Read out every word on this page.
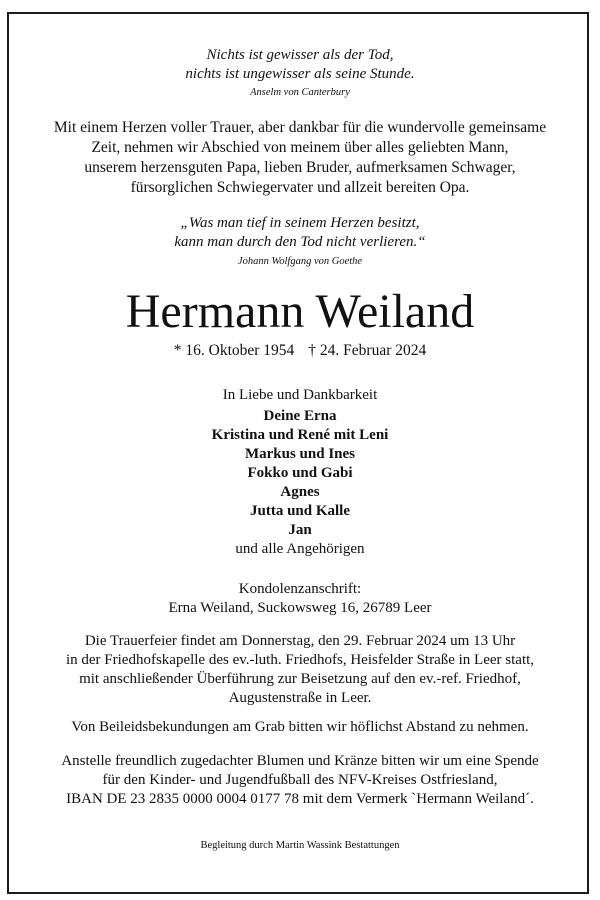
Nichts ist gewisser als der Tod,
nichts ist ungewisser als seine Stunde.
Anselm von Canterbury
Mit einem Herzen voller Trauer, aber dankbar für die wundervolle gemeinsame
Zeit, nehmen wir Abschied von meinem über alles geliebten Mann,
unserem herzensguten Papa, lieben Bruder, aufmerksamen Schwager,
fürsorglichen Schwiegervater und allzeit bereiten Opa.
„Was man tief in seinem Herzen besitzt,
kann man durch den Tod nicht verlieren.“
Johann Wolfgang von Goethe
Hermann Weiland
* 16. Oktober 1954 † 24. Februar 2024
In Liebe und Dankbarkeit
Deine Erna
Kristina und René mit Leni
Markus und Ines
Fokko und Gabi
Agnes
Jutta und Kalle
Jan
und alle Angehörigen
Kondolenzanschrift:
Erna Weiland, Suckowsweg 16, 26789 Leer
Die Trauerfeier findet am Donnerstag, den 29. Februar 2024 um 13 Uhr
in der Friedhofskapelle des ev.-luth. Friedhofs, Heisfelder Straße in Leer statt,
mit anschließender Überführung zur Beisetzung auf den ev.-ref. Friedhof,
Augustenstraße in Leer.
Von Beileidsbekundungen am Grab bitten wir höflichst Abstand zu nehmen.
Anstelle freundlich zugedachter Blumen und Kränze bitten wir um eine Spende
für den Kinder- und Jugendfußball des NFV-Kreises Ostfriesland,
IBAN DE 23 2835 0000 0004 0177 78 mit dem Vermerk `Hermann Weiland´.
Begleitung durch Martin Wassink Bestattungen
